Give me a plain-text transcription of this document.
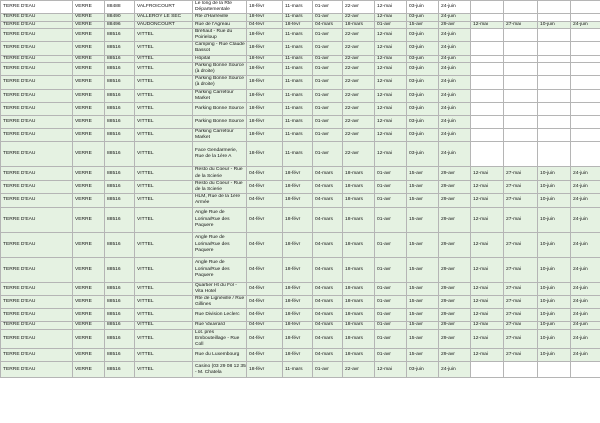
TERRE D'EAU	VERRE	88488	VALFROICOURT	Le long de la Rte Départementale	18-févr	11-mars	01-avr	22-avr	12-mai	03-juin	24-juin				
TERRE D'EAU	VERRE	88490	VALLEROY LE SEC	Rte d'Harréville	18-févr	11-mars	01-avr	22-avr	12-mai	03-juin	24-juin				
TERRE D'EAU	VERRE	88496	VAUDONCOURT	Rue de l'Agreau	04-févr	18-févr	04-mars	18-mars	01-avr	15-avr	29-avr	12-mai	27-mai	10-juin	24-juin
TERRE D'EAU	VERRE	88516	VITTEL	Bréhaut - Rue du Poirieloup	18-févr	11-mars	01-avr	22-avr	12-mai	03-juin	24-juin				
TERRE D'EAU	VERRE	88516	VITTEL	Camping - Rue Claude Bassot	18-févr	11-mars	01-avr	22-avr	12-mai	03-juin	24-juin				
TERRE D'EAU	VERRE	88516	VITTEL	Hôpital	18-févr	11-mars	01-avr	22-avr	12-mai	03-juin	24-juin				
TERRE D'EAU	VERRE	88516	VITTEL	Parking Bonne Source (à droite)	18-févr	11-mars	01-avr	22-avr	12-mai	03-juin	24-juin				
TERRE D'EAU	VERRE	88516	VITTEL	Parking Bonne Source (à droite)	18-févr	11-mars	01-avr	22-avr	12-mai	03-juin	24-juin				
TERRE D'EAU	VERRE	88516	VITTEL	Parking Carrefour Market	18-févr	11-mars	01-avr	22-avr	12-mai	03-juin	24-juin				
TERRE D'EAU	VERRE	88516	VITTEL	Parking Bonne Source	18-févr	11-mars	01-avr	22-avr	12-mai	03-juin	24-juin				
TERRE D'EAU	VERRE	88516	VITTEL	Parking Bonne Source	18-févr	11-mars	01-avr	22-avr	12-mai	03-juin	24-juin				
TERRE D'EAU	VERRE	88516	VITTEL	Parking Carrefour Market	18-févr	11-mars	01-avr	22-avr	12-mai	03-juin	24-juin				
TERRE D'EAU	VERRE	88516	VITTEL	Face Gendarmerie, Rue de la 1ère A	18-févr	11-mars	01-avr	22-avr	12-mai	03-juin	24-juin				
TERRE D'EAU	VERRE	88516	VITTEL	Resto du Coeur - Rue de la Scierie	04-févr	18-févr	04-mars	18-mars	01-avr	15-avr	29-avr	12-mai	27-mai	10-juin	24-juin
TERRE D'EAU	VERRE	88516	VITTEL	Resto du Coeur - Rue de la Scierie	04-févr	18-févr	04-mars	18-mars	01-avr	15-avr	29-avr	12-mai	27-mai	10-juin	24-juin
TERRE D'EAU	VERRE	88516	VITTEL	HLM, Rue de la 1ère Armée	04-févr	18-févr	04-mars	18-mars	01-avr	15-avr	29-avr	12-mai	27-mai	10-juin	24-juin
TERRE D'EAU	VERRE	88516	VITTEL	Angle Rue de Lorima/Rue des Paquere	04-févr	18-févr	04-mars	18-mars	01-avr	15-avr	29-avr	12-mai	27-mai	10-juin	24-juin
TERRE D'EAU	VERRE	88516	VITTEL	Angle Rue de Lorima/Rue des Paquere	04-févr	18-févr	04-mars	18-mars	01-avr	15-avr	29-avr	12-mai	27-mai	10-juin	24-juin
TERRE D'EAU	VERRE	88516	VITTEL	Angle Rue de Lorima/Rue des Paquere	04-févr	18-févr	04-mars	18-mars	01-avr	15-avr	29-avr	12-mai	27-mai	10-juin	24-juin
TERRE D'EAU	VERRE	88516	VITTEL	Quartier Ht du Fol - Vita Hotel	04-févr	18-févr	04-mars	18-mars	01-avr	15-avr	29-avr	12-mai	27-mai	10-juin	24-juin
TERRE D'EAU	VERRE	88516	VITTEL	Rte de Lignéville / Rue Gillines	04-févr	18-févr	04-mars	18-mars	01-avr	15-avr	29-avr	12-mai	27-mai	10-juin	24-juin
TERRE D'EAU	VERRE	88516	VITTEL	Rue Division Leclerc	04-févr	18-févr	04-mars	18-mars	01-avr	15-avr	29-avr	12-mai	27-mai	10-juin	24-juin
TERRE D'EAU	VERRE	88516	VITTEL	Rue Vauvrard	04-févr	18-févr	04-mars	18-mars	01-avr	15-avr	29-avr	12-mai	27-mai	10-juin	24-juin
TERRE D'EAU	VERRE	88516	VITTEL	Lot. près Embouteillage - Rue Coll	04-févr	18-févr	04-mars	18-mars	01-avr	15-avr	29-avr	12-mai	27-mai	10-juin	24-juin
TERRE D'EAU	VERRE	88516	VITTEL	Rue du Luxembourg	04-févr	18-févr	04-mars	18-mars	01-avr	15-avr	29-avr	12-mai	27-mai	10-juin	24-juin
TERRE D'EAU	VERRE	88516	VITTEL	Casino (03 29 08 12 35 - M. Chatela	18-févr	11-mars	01-avr	22-avr	12-mai	03-juin	24-juin				
